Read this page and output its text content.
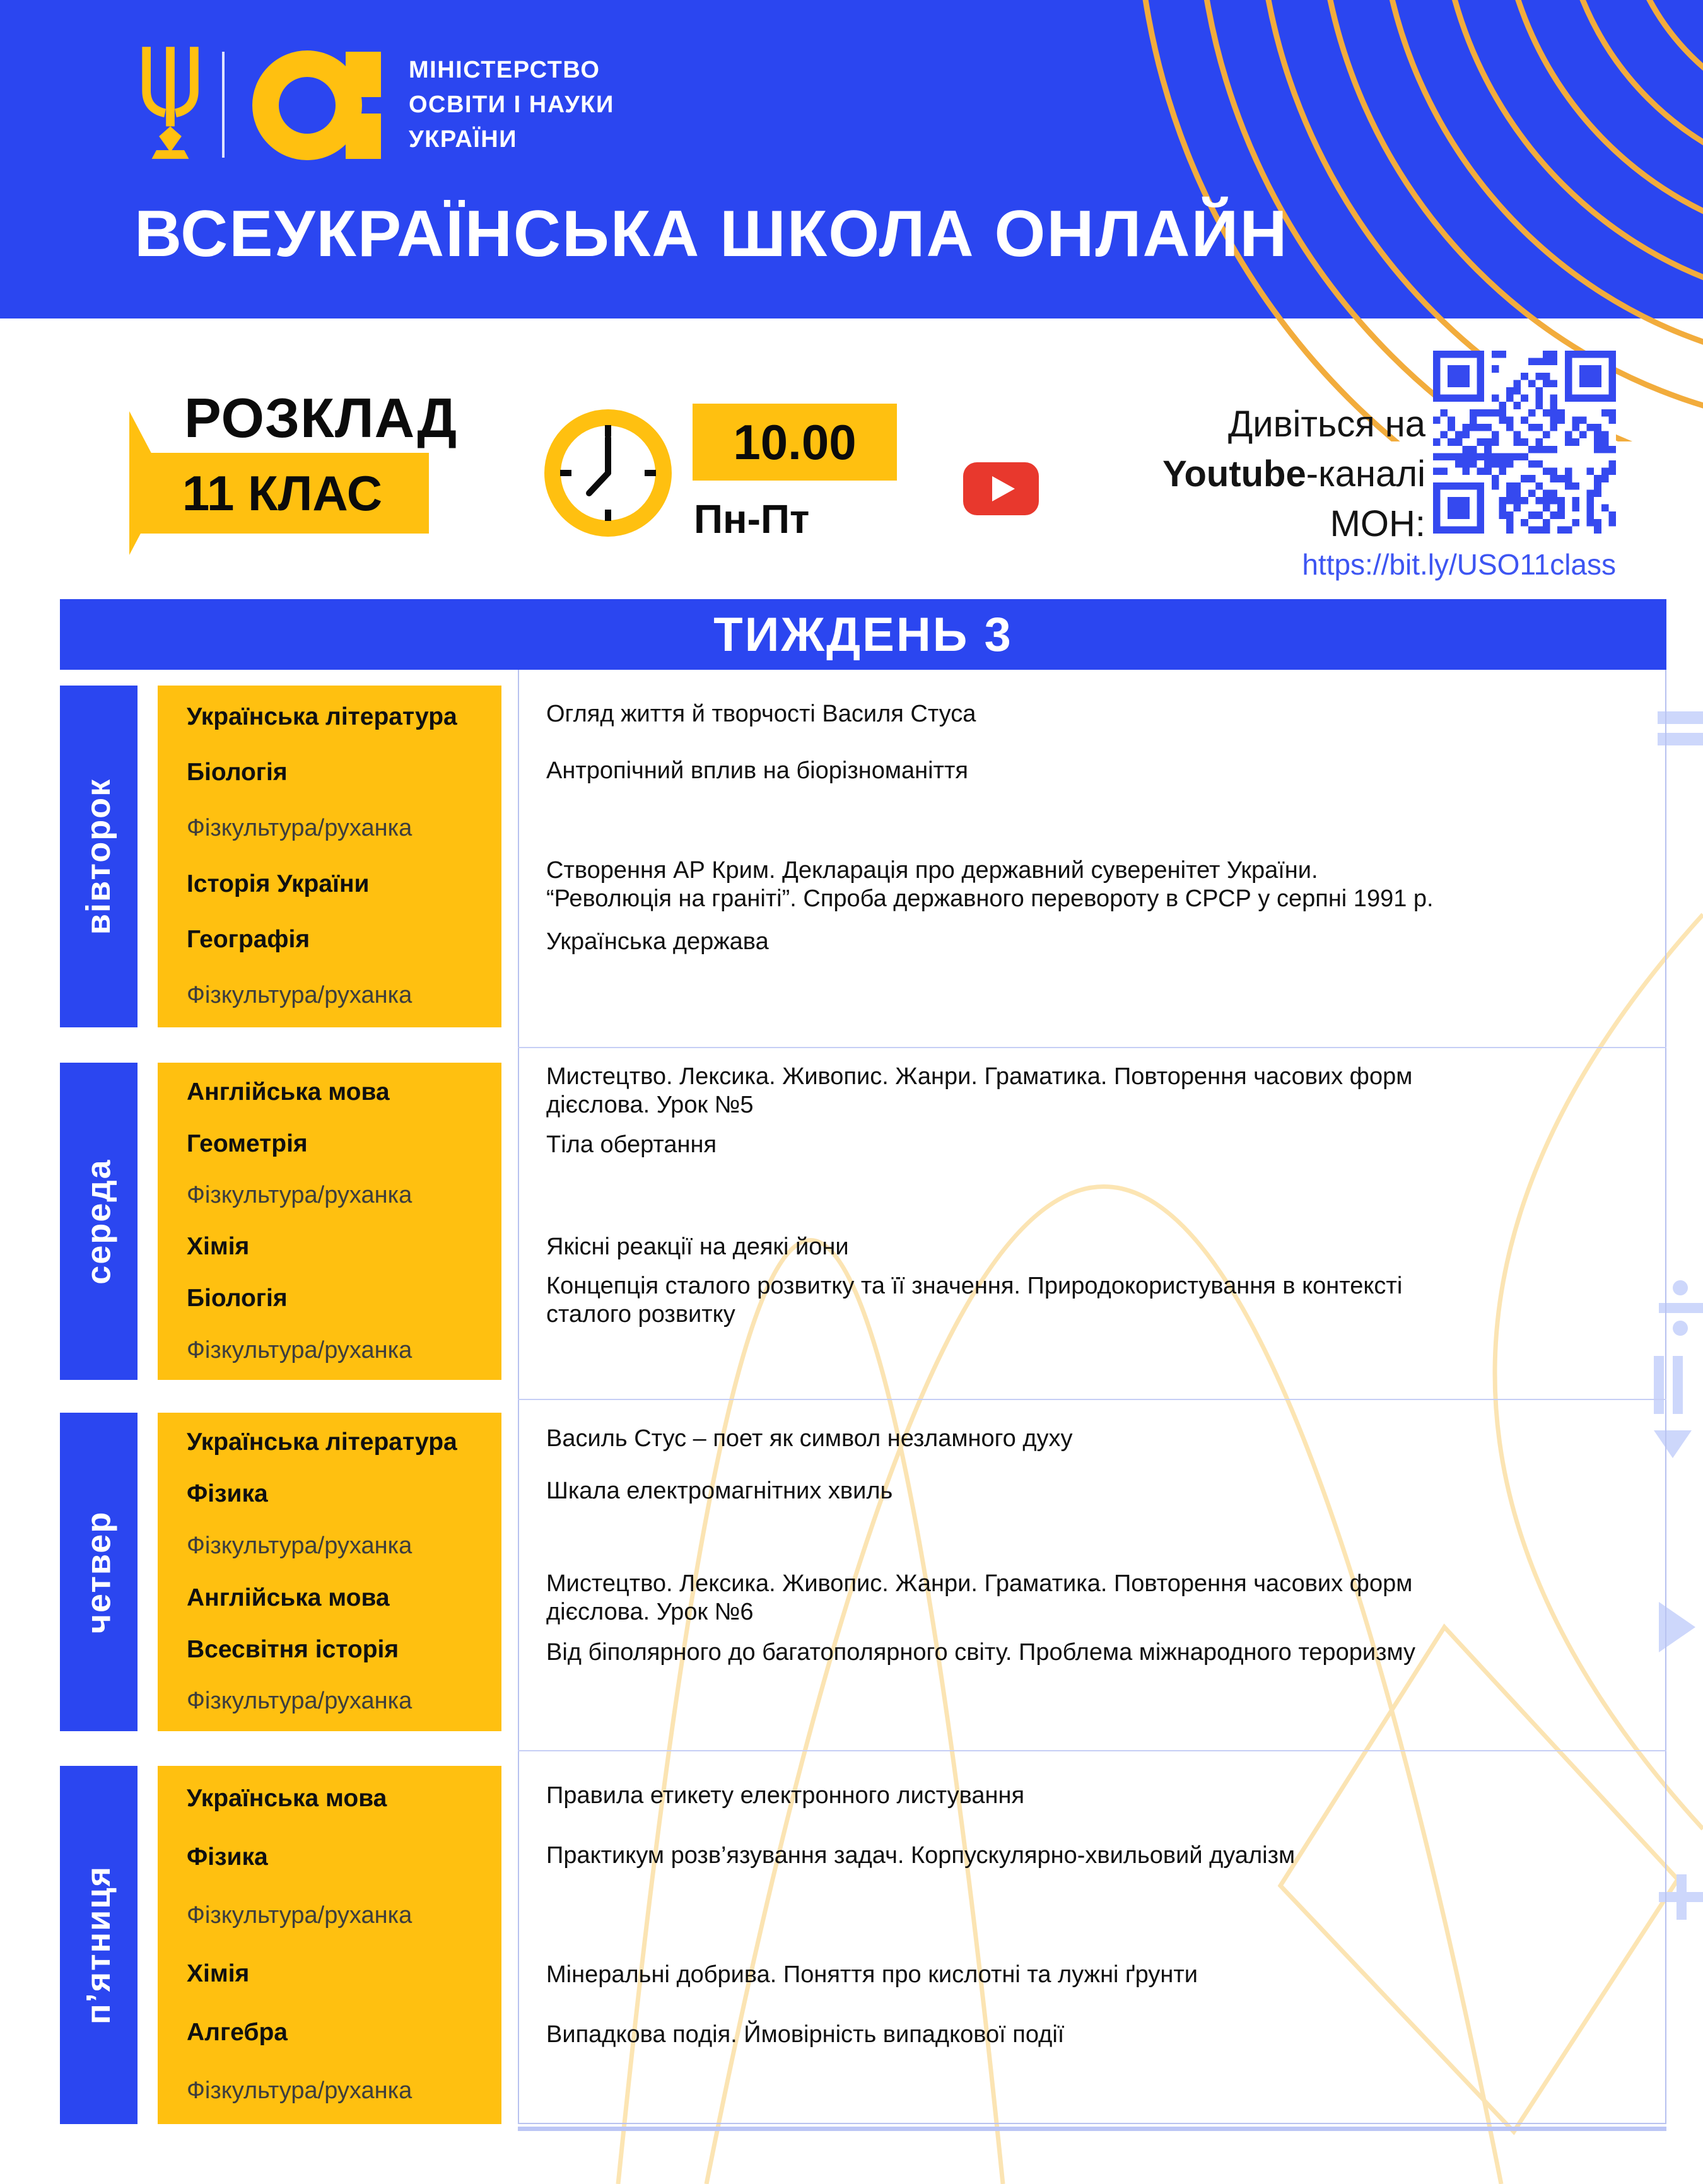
МІНІСТЕРСТВО
ОСВІТИ І НАУКИ
УКРАЇНИ
ВСЕУКРАЇНСЬКА ШКОЛА ОНЛАЙН
РОЗКЛАД
11 КЛАС
10.00
Пн-Пт
Дивіться на
Youtube-каналі
МОН:
https://bit.ly/USO11class
ТИЖДЕНЬ 3
вівторок
Українська література
Біологія
Фізкультура/руханка
Історія України
Географія
Фізкультура/руханка
Огляд життя й творчості Василя Стуса
Антропічний вплив на біорізноманіття
Створення АР Крим. Декларація про державний суверенітет України. “Революція на граніті”. Спроба державного перевороту в СРСР у серпні 1991 р.
Українська держава
середа
Англійська мова
Геометрія
Фізкультура/руханка
Хімія
Біологія
Фізкультура/руханка
Мистецтво. Лексика. Живопис. Жанри. Граматика. Повторення часових форм дієслова. Урок №5
Тіла обертання
Якісні реакції на деякі йони
Концепція сталого розвитку та її значення. Природокористування в контексті сталого розвитку
четвер
Українська література
Фізика
Фізкультура/руханка
Англійська мова
Всесвітня історія
Фізкультура/руханка
Василь Стус – поет як символ незламного духу
Шкала електромагнітних хвиль
Мистецтво. Лексика. Живопис. Жанри. Граматика. Повторення часових форм дієслова. Урок №6
Від біполярного до багатополярного світу. Проблема міжнародного тероризму
п’ятниця
Українська мова
Фізика
Фізкультура/руханка
Хімія
Алгебра
Фізкультура/руханка
Правила етикету електронного листування
Практикум розв’язування задач. Корпускулярно-хвильовий дуалізм
Мінеральні добрива. Поняття про кислотні та лужні ґрунти
Випадкова подія. Ймовірність випадкової події
